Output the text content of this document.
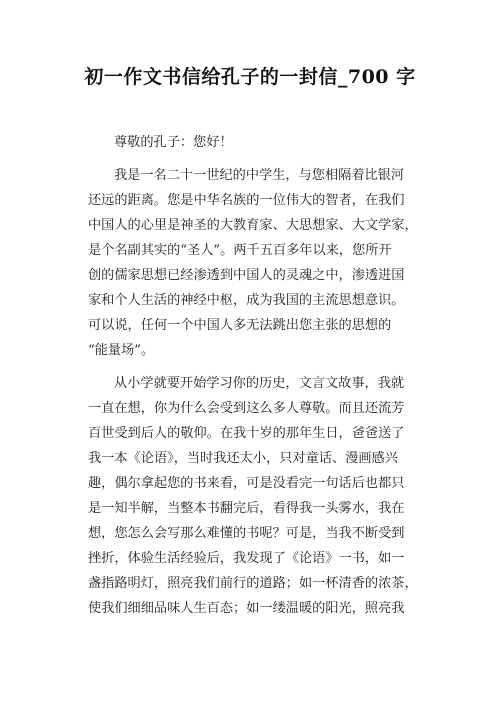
初一作文书信给孔子的一封信_700 字
尊敬的孔子：您好！
我是一名二十一世纪的中学生，与您相隔着比银河
还远的距离。您是中华名族的一位伟大的智者，在我们
中国人的心里是神圣的大教育家、大思想家、大文学家，
是个名副其实的“圣人”。两千五百多年以来，您所开
创的儒家思想已经渗透到中国人的灵魂之中，渗透进国
家和个人生活的神经中枢，成为我国的主流思想意识。
可以说，任何一个中国人多无法跳出您主张的思想的
“能量场”。
从小学就要开始学习你的历史，文言文故事，我就
一直在想，你为什么会受到这么多人尊敬。而且还流芳
百世受到后人的敬仰。在我十岁的那年生日，爸爸送了
我一本《论语》，当时我还太小，只对童话、漫画感兴
趣，偶尔拿起您的书来看，可是没看完一句话后也都只
是一知半解，当整本书翻完后，看得我一头雾水，我在
想，您怎么会写那么难懂的书呢？可是，当我不断受到
挫折，体验生活经验后，我发现了《论语》一书，如一
盏指路明灯，照亮我们前行的道路；如一杯清香的浓茶，
使我们细细品味人生百态；如一缕温暖的阳光，照亮我
